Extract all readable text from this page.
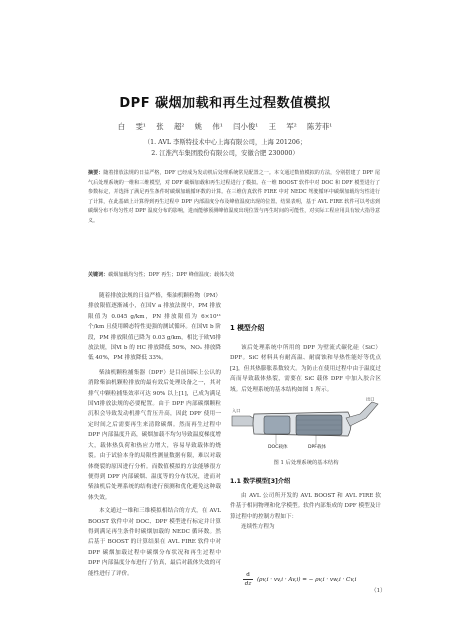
DPF 碳烟加载和再生过程数值模拟
白 雯¹ 张 超² 姚 伟¹ 闫小俊¹ 王 军² 陈芳菲¹
（1. AVL 李斯特技术中心上海有限公司，上海 201206；
2. 江淮汽车集团股份有限公司，安徽合肥 230000）
摘要：随着排放法规的日益严格，DPF 已经成为发动机后处理系统常见配置之一。本文通过数值模拟的方法，分别搭建了 DPF 尾气后处理系统的一维和三维模型，对 DPF 碳烟加载和再生过程进行了模拟。在一维 BOOST 软件中对 DOC 和 DPF 模型进行了参数标定，并选择了满足再生条件时碳烟加载循环数的计算。在三维仿真软件 FIRE 中对 NEDC 驾驶循环中碳烟加载均匀性进行了计算，在此基础上计算得到再生过程中 DPF 内部温度分布及峰值温度出现的位置。结果表明，基于 AVL FIRE 软件可以考虑到碳烟分布不均匀性对 DPF 温度分布的影响，进而能够预测峰值温度出现位置与再生时间的可能性，对实际工程应用具有较大指导意义。
关键词：碳烟加载均匀性；DPF 再生；DPF 峰值温度；载体失效

随着排放法规的日益严格，柴油机颗粒物（PM）排放限值逐渐减小，在国Ⅴ a 排放法规中，PM 排放限值为 0.045 g/km，PN 排放限值为 6×10¹¹ 个/km 且使用瞬态特性更强的测试循环。在国Ⅵ b 阶段，PM 排放限值已降为 0.03 g/km，相比于欧Ⅵ排放法规，国Ⅵ b 的 HC 排放降低 50%，NOₓ 排放降低 40%，PM 排放降低 33%。

柴油机颗粒捕集器（DPF）是目前国际上公认的消除柴油机颗粒排放的最有效后处理设备之一，其对排气中颗粒捕集效率可达 90% 以上[1]，已成为满足国Ⅵ排放法规的必要配置。由于 DPF 内部碳烟颗粒沉积会导致发动机排气背压升高，因此 DPF 使用一定时间之后需要再生来清除碳烟。然而再生过程中 DPF 内部温度升高，碳烟加载不均匀导致温度梯度增大，载体热负荷和热应力增大，容易导致载体的烧裂。由于试验本身的局限性测量数据有限，难以对载体烧裂的原因进行分析。而数值模拟的方法能够很方便得到 DPF 内部碳烟、温度等的分布状况，进而对柴油机后处理系统的结构进行预测和优化避免这种载体失效。

本文通过一维和三维模拟相结合的方式，在 AVL BOOST 软件中对 DOC、DPF 模型进行标定并计算得到满足再生条件时碳烟加载的 NEDC 循环数。然后基于 BOOST 的计算结果在 AVL FIRE 软件中对 DPF 碳烟加载过程中碳烟分布状况和再生过程中 DPF 内部温度分布进行了仿真，最后对载体失效的可能性进行了评价。

1 模型介绍

该后处理系统中所用的 DPF 为壁流式碳化硅（SiC）DPF。SiC 材料具有耐高温、耐腐蚀和导热性能好等优点[2]，但其热膨胀系数较大。为防止在使用过程中由于温度过高而导致载体热裂，需要在 SiC 载体 DPF 中加入胶合区域。后处理系统的基本结构如图 1 所示。

DOC载体	DPF载体
入口
出口
图 1 后处理系统的基本结构
1.1 数学模型[3]介绍

由 AVL 公司所开发的 AVL BOOST 和 AVL FIRE 软件基于相同物理和化学模型。软件内部集成的 DPF 模型及计算过程中的控制方程如下：

连续性方程为

$\frac{d}{dz} (\rho v,i \cdot vv,i \cdot Av,i)$ = − ρv,i · vw,i · Cv,i
（1）
